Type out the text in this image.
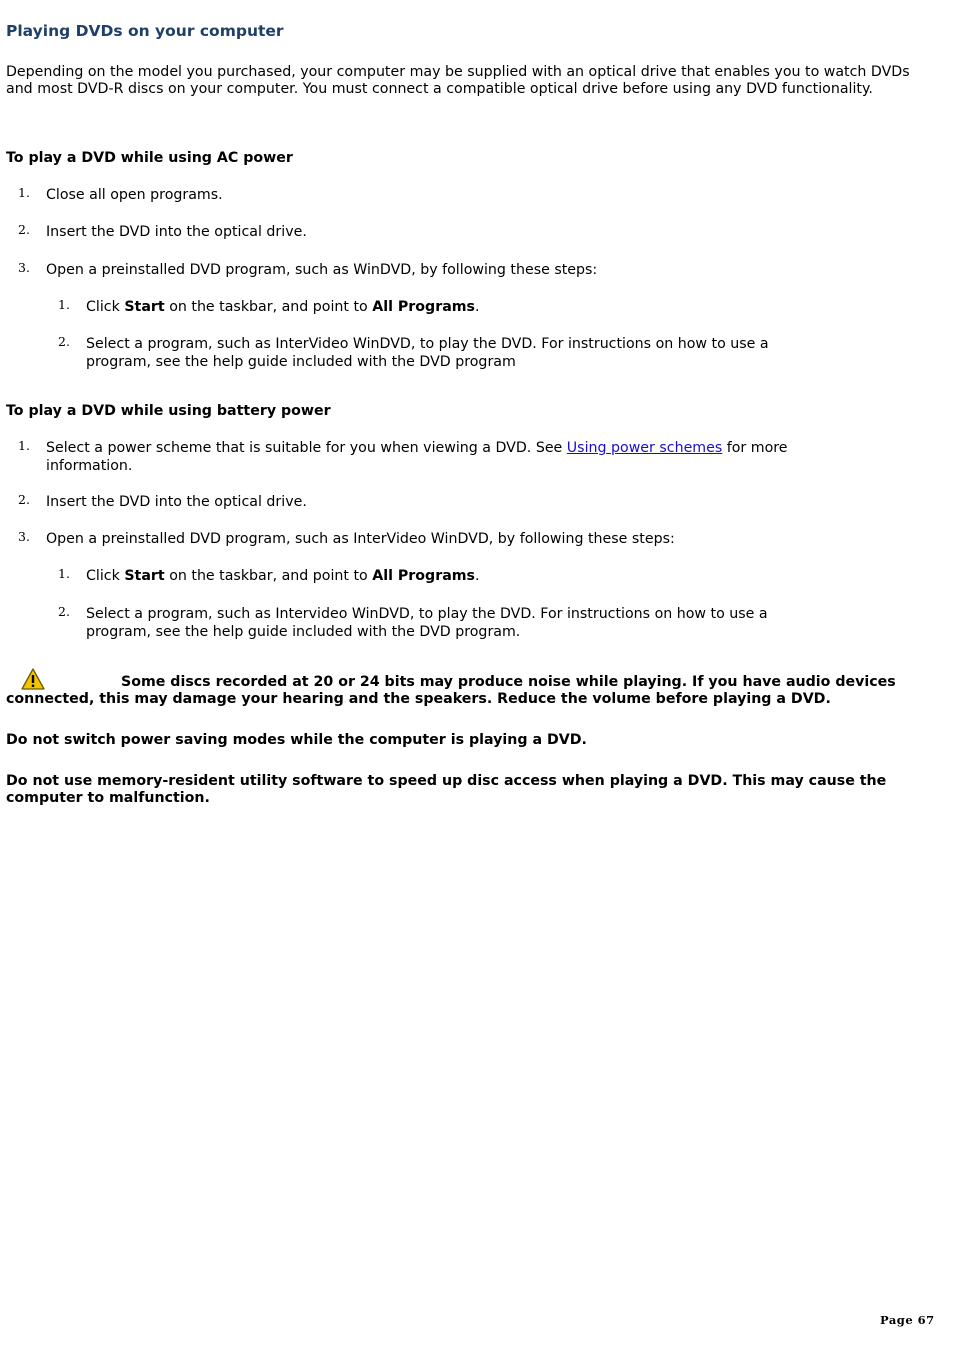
Playing DVDs on your computer

Depending on the model you purchased, your computer may be supplied with an optical drive that enables you to watch DVDs and most DVD-R discs on your computer. You must connect a compatible optical drive before using any DVD functionality.

To play a DVD while using AC power
1. Close all open programs.
2. Insert the DVD into the optical drive.
3. Open a preinstalled DVD program, such as WinDVD, by following these steps:
1. Click Start on the taskbar, and point to All Programs.
2. Select a program, such as InterVideo WinDVD, to play the DVD. For instructions on how to use a
program, see the help guide included with the DVD program
To play a DVD while using battery power
1. Select a power scheme that is suitable for you when viewing a DVD. See Using power schemes for more
information.
2. Insert the DVD into the optical drive.
3. Open a preinstalled DVD program, such as InterVideo WinDVD, by following these steps:
1. Click Start on the taskbar, and point to All Programs.
2. Select a program, such as Intervideo WinDVD, to play the DVD. For instructions on how to use a
program, see the help guide included with the DVD program.

Some discs recorded at 20 or 24 bits may produce noise while playing. If you have audio devices
connected, this may damage your hearing and the speakers. Reduce the volume before playing a DVD.

Do not switch power saving modes while the computer is playing a DVD.

Do not use memory-resident utility software to speed up disc access when playing a DVD. This may cause the computer to malfunction.

Page 67
